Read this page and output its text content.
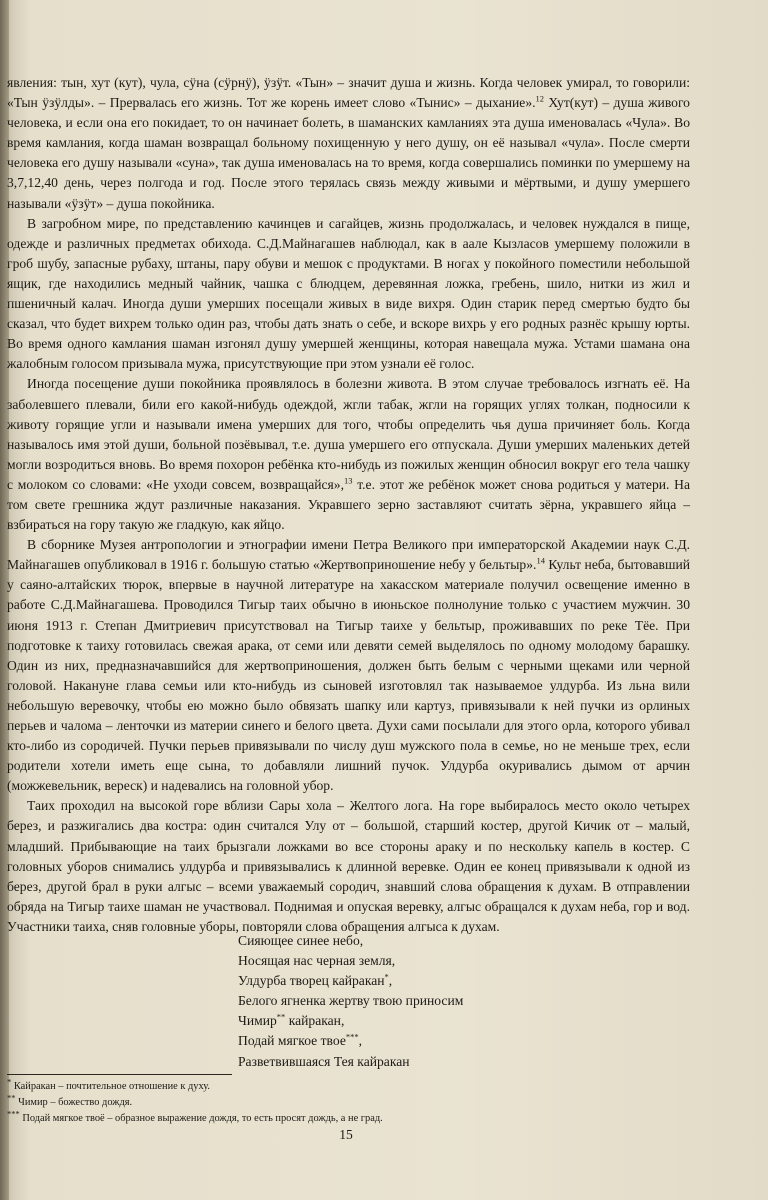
явления: тын, хут (кут), чула, сӱна (сӱрнӱ), ӱзӱт. «Тын» – значит душа и жизнь. Когда человек умирал, то говорили: «Тын ӱзӱлды». – Прервалась его жизнь. Тот же корень имеет слово «Тынис» – дыхание».$^{12}$ Хут(кут) – душа живого человека, и если она его покидает, то он начинает болеть, в шаманских камланиях эта душа именовалась «Чула». Во время камлания, когда шаман возвращал больному похищенную у него душу, он её называл «чула». После смерти человека его душу называли «суна», так душа именовалась на то время, когда совершались поминки по умершему на 3,7,12,40 день, через полгода и год. После этого терялась связь между живыми и мёртвыми, и душу умершего называли «ӱзӱт» – душа покойника.

В загробном мире, по представлению качинцев и сагайцев, жизнь продолжалась, и человек нуждался в пище, одежде и различных предметах обихода. С.Д.Майнагашев наблюдал, как в аале Кызласов умершему положили в гроб шубу, запасные рубаху, штаны, пару обуви и мешок с продуктами. В ногах у покойного поместили небольшой ящик, где находились медный чайник, чашка с блюдцем, деревянная ложка, гребень, шило, нитки из жил и пшеничный калач. Иногда души умерших посещали живых в виде вихря. Один старик перед смертью будто бы сказал, что будет вихрем только один раз, чтобы дать знать о себе, и вскоре вихрь у его родных разнёс крышу юрты. Во время одного камлания шаман изгонял душу умершей женщины, которая навещала мужа. Устами шамана она жалобным голосом призывала мужа, присутствующие при этом узнали её голос.

Иногда посещение души покойника проявлялось в болезни живота. В этом случае требовалось изгнать её. На заболевшего плевали, били его какой-нибудь одеждой, жгли табак, жгли на горящих углях толкан, подносили к животу горящие угли и называли имена умерших для того, чтобы определить чья душа причиняет боль. Когда называлось имя этой души, больной позёвывал, т.е. душа умершего его отпускала. Души умерших маленьких детей могли возродиться вновь. Во время похорон ребёнка кто-нибудь из пожилых женщин обносил вокруг его тела чашку с молоком со словами: «Не уходи совсем, возвращайся»,$^{13}$ т.е. этот же ребёнок может снова родиться у матери. На том свете грешника ждут различные наказания. Укравшего зерно заставляют считать зёрна, укравшего яйца – взбираться на гору такую же гладкую, как яйцо.

В сборнике Музея антропологии и этнографии имени Петра Великого при императорской Академии наук С.Д. Майнагашев опубликовал в 1916 г. большую статью «Жертвоприношение небу у бельтыр».$^{14}$ Культ неба, бытовавший у саяно-алтайских тюрок, впервые в научной литературе на хакасском материале получил освещение именно в работе С.Д.Майнагашева. Проводился Тигыр таих обычно в июньское полнолуние только с участием мужчин. 30 июня 1913 г. Степан Дмитриевич присутствовал на Тигыр таихе у бельтыр, проживавших по реке Тёе. При подготовке к таиху готовилась свежая арака, от семи или девяти семей выделялось по одному молодому барашку. Один из них, предназначавшийся для жертвоприношения, должен быть белым с черными щеками или черной головой. Накануне глава семьи или кто-нибудь из сыновей изготовлял так называемое улдурба. Из льна вили небольшую веревочку, чтобы ею можно было обвязать шапку или картуз, привязывали к ней пучки из орлиных перьев и чалома – ленточки из материи синего и белого цвета. Духи сами посылали для этого орла, которого убивал кто-либо из сородичей. Пучки перьев привязывали по числу душ мужского пола в семье, но не меньше трех, если родители хотели иметь еще сына, то добавляли лишний пучок. Улдурба окуривались дымом от арчин (можжевельник, вереск) и надевались на головной убор.

Таих проходил на высокой горе вблизи Сары хола – Желтого лога. На горе выбиралось место около четырех берез, и разжигались два костра: один считался Улу от – большой, старший костер, другой Кичик от – малый, младший. Прибывающие на таих брызгали ложками во все стороны араку и по нескольку капель в костер. С головных уборов снимались улдурба и привязывались к длинной веревке. Один ее конец привязывали к одной из берез, другой брал в руки алгыс – всеми уважаемый сородич, знавший слова обращения к духам. В отправлении обряда на Тигыр таихе шаман не участвовал. Поднимая и опуская веревку, алгыс обращался к духам неба, гор и вод. Участники таиха, сняв головные уборы, повторяли слова обращения алгыса к духам.

Сияющее синее небо,
Носящая нас черная земля,
Улдурба творец кайракан*,
Белого ягненка жертву твою приносим
Чимир** кайракан,
Подай мягкое твое***,
Разветвившаяся Тея кайракан
* Кайракан – почтительное отношение к духу.
** Чимир – божество дождя.
*** Подай мягкое твоё – образное выражение дождя, то есть просят дождь, а не град.
15
